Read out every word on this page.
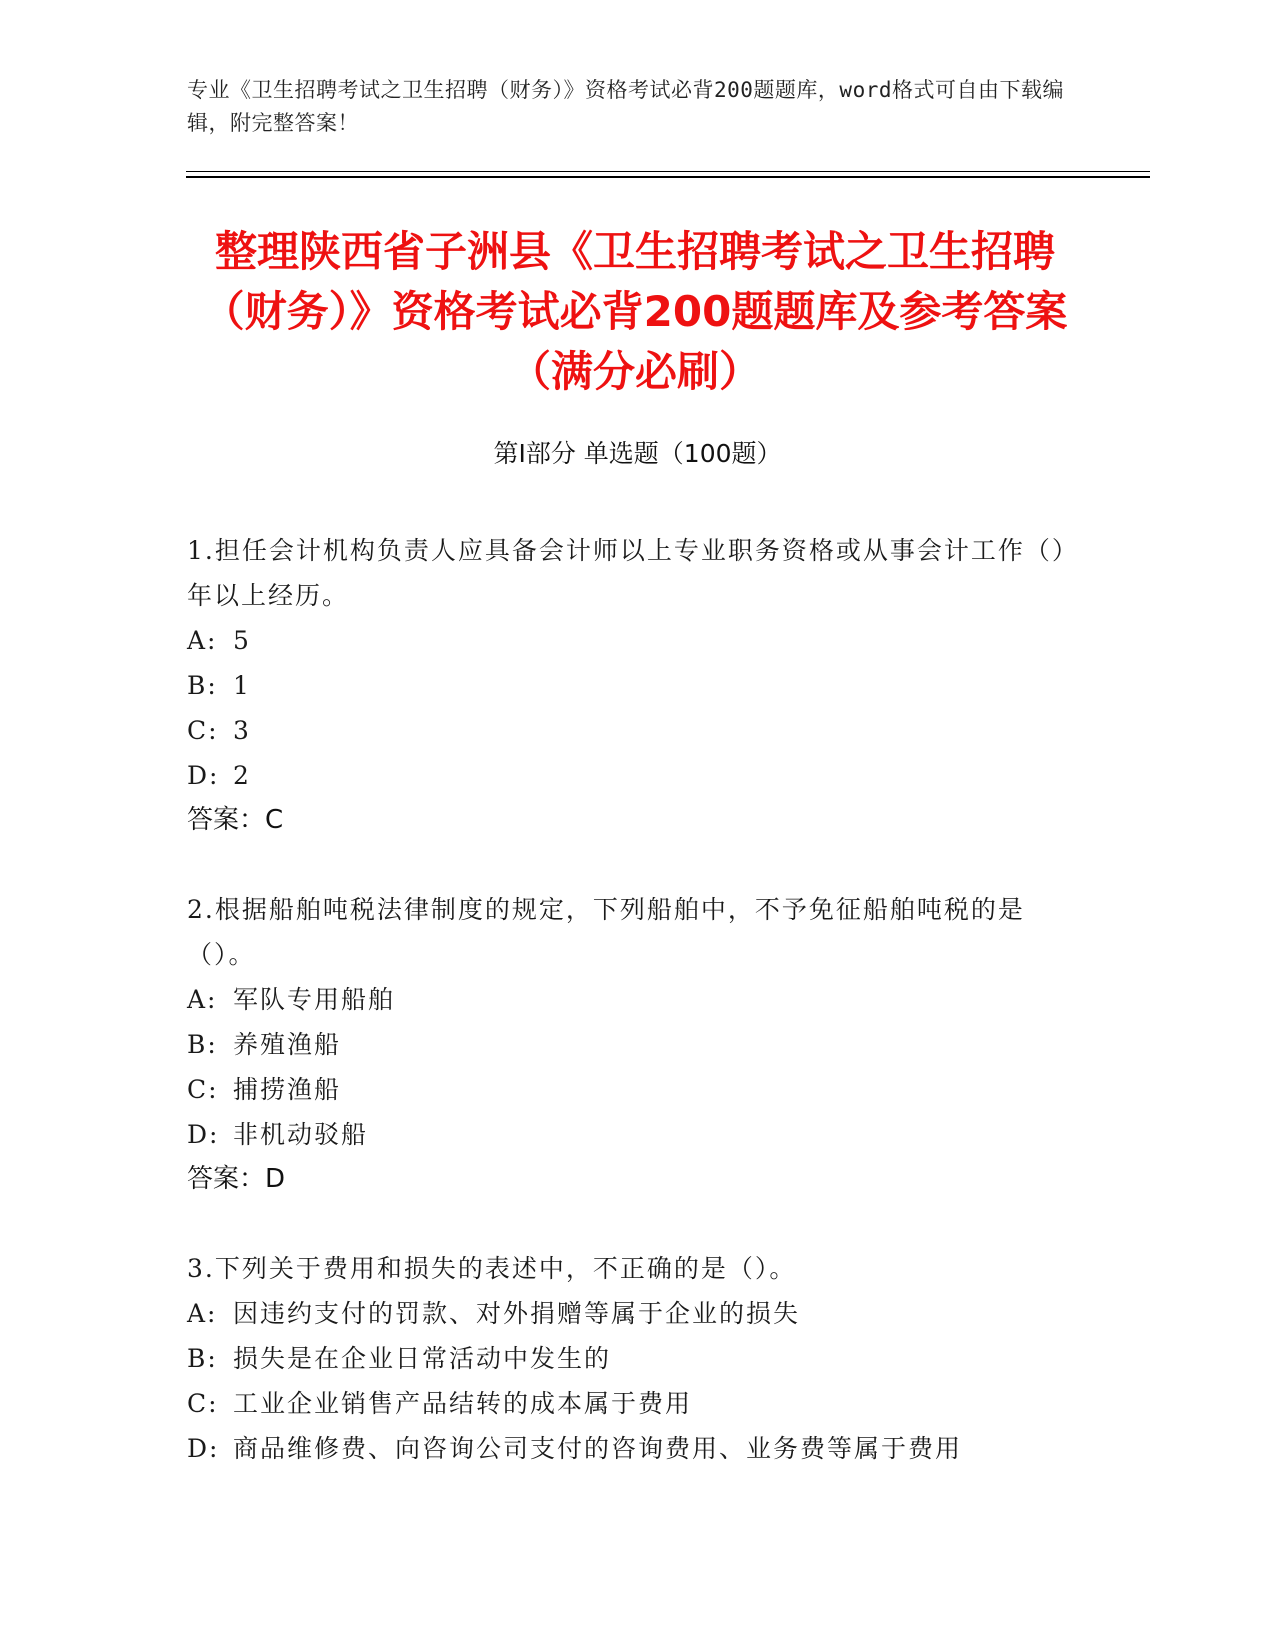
专业《卫生招聘考试之卫生招聘（财务）》资格考试必背200题题库，word格式可自由下载编辑，附完整答案！
整理陕西省子洲县《卫生招聘考试之卫生招聘（财务）》资格考试必背200题题库及参考答案（满分必刷）
第Ⅰ部分 单选题（100题）
1.担任会计机构负责人应具备会计师以上专业职务资格或从事会计工作（）年以上经历。
A: 5
B: 1
C: 3
D: 2
答案：C
2.根据船舶吨税法律制度的规定，下列船舶中，不予免征船舶吨税的是（）。
A: 军队专用船舶
B: 养殖渔船
C: 捕捞渔船
D: 非机动驳船
答案：D
3.下列关于费用和损失的表述中，不正确的是（）。
A: 因违约支付的罚款、对外捐赠等属于企业的损失
B: 损失是在企业日常活动中发生的
C: 工业企业销售产品结转的成本属于费用
D: 商品维修费、向咨询公司支付的咨询费用、业务费等属于费用
